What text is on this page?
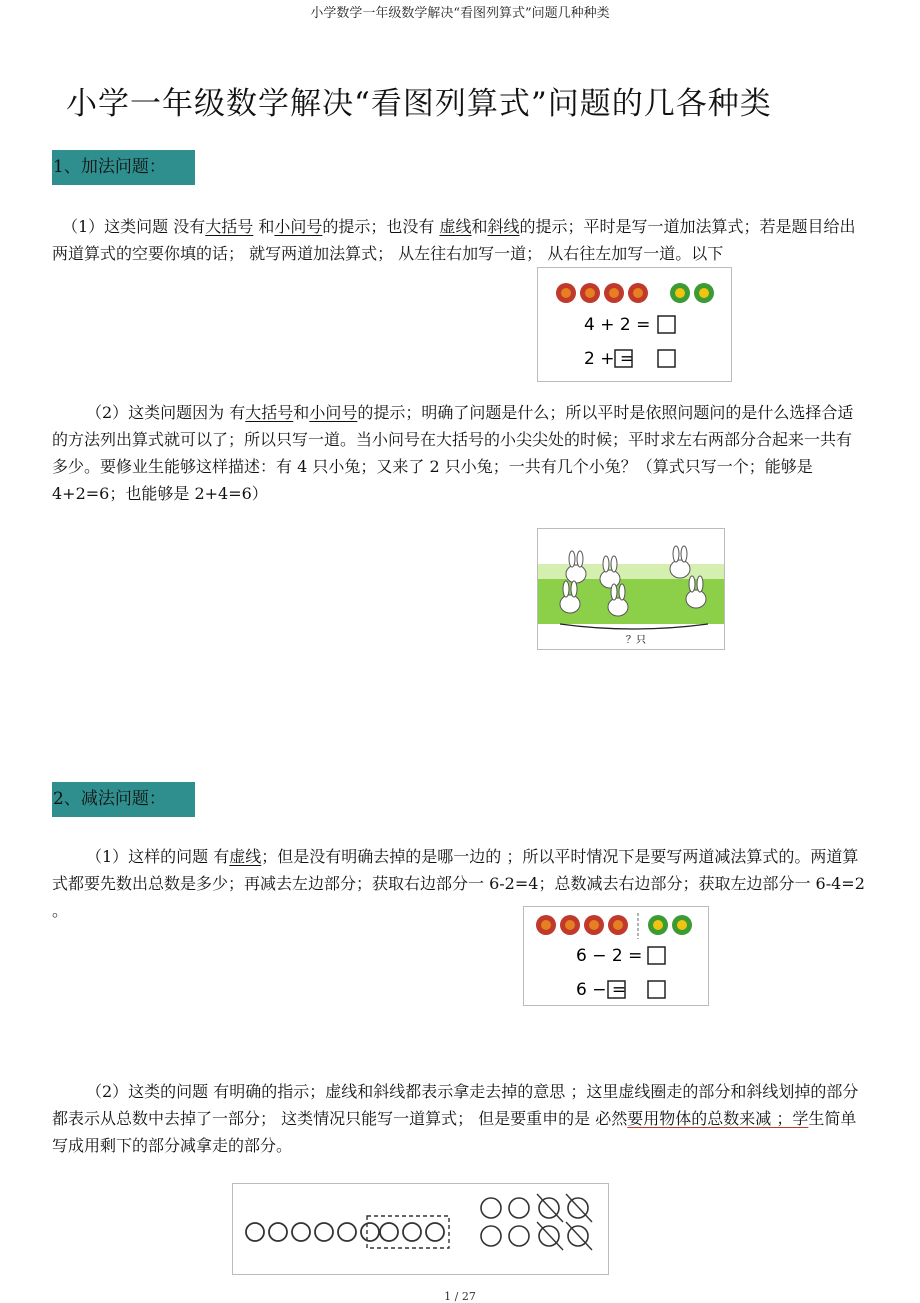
小学数学一年级数学解决“看图列算式”问题几种种类
小学一年级数学解决“看图列算式”问题的几各种类
1、加法问题：

（1）这类问题 没有大括号 和小问号的提示；也没有 虚线和斜线的提示；平时是写一道加法算式；若是题目给出两道算式的空要你填的话； 就写两道加法算式； 从左往右加写一道； 从右往左加写一道。以下

4 + 2 =
2 + =

（2）这类问题因为 有大括号和小问号的提示；明确了问题是什么；所以平时是依照问题问的是什么选择合适的方法列出算式就可以了；所以只写一道。当小问号在大括号的小尖尖处的时候；平时求左右两部分合起来一共有多少。要修业生能够这样描述：有 4 只小兔；又来了 2 只小兔；一共有几个小兔？（算式只写一个；能够是 4+2=6；也能够是 2+4=6）

？只
2、减法问题：

（1）这样的问题 有虚线；但是没有明确去掉的是哪一边的 ；所以平时情况下是要写两道减法算式的。两道算式都要先数出总数是多少；再减去左边部分；获取右边部分一 6-2=4；总数减去右边部分；获取左边部分一 6-4=2 。

6 − 2 =
6 − =

（2）这类的问题 有明确的指示；虚线和斜线都表示拿走去掉的意思 ；这里虚线圈走的部分和斜线划掉的部分都表示从总数中去掉了一部分； 这类情况只能写一道算式； 但是要重申的是 必然要用物体的总数来减 ；学生简单写成用剩下的部分减拿走的部分。

1 / 27
